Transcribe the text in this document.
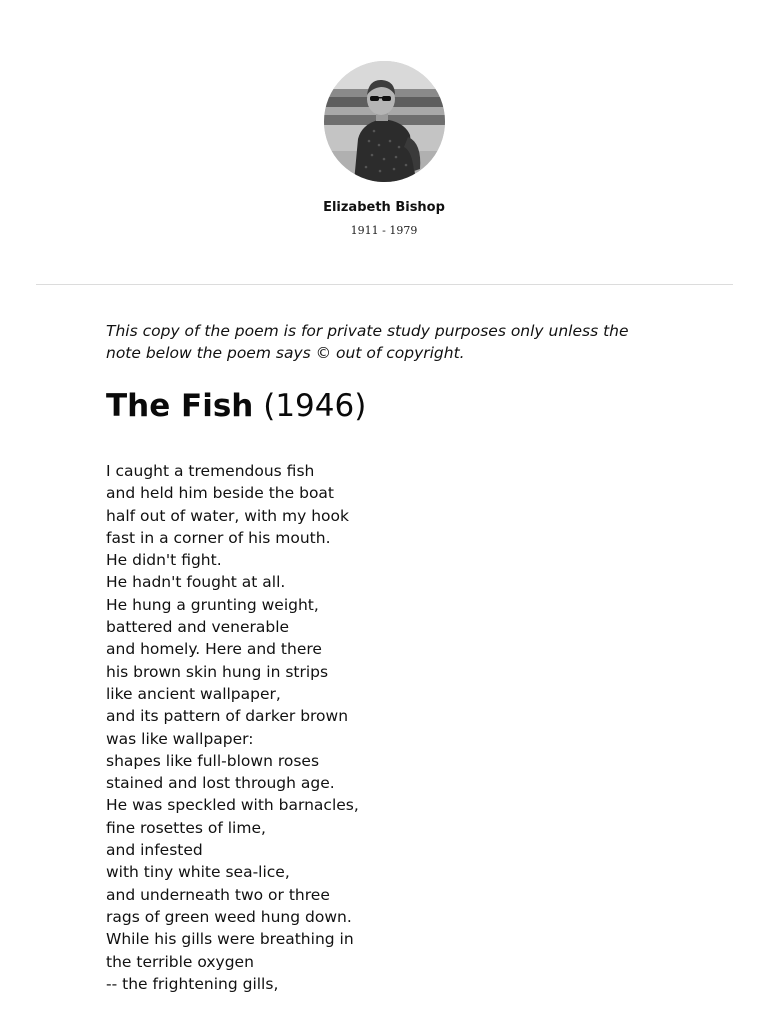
Elizabeth Bishop
1911 - 1979

This copy of the poem is for private study purposes only unless the note below the poem says © out of copyright.

The Fish (1946)
I caught a tremendous fish
and held him beside the boat
half out of water, with my hook
fast in a corner of his mouth.
He didn't fight.
He hadn't fought at all.
He hung a grunting weight,
battered and venerable
and homely. Here and there
his brown skin hung in strips
like ancient wallpaper,
and its pattern of darker brown
was like wallpaper:
shapes like full-blown roses
stained and lost through age.
He was speckled with barnacles,
fine rosettes of lime,
and infested
with tiny white sea-lice,
and underneath two or three
rags of green weed hung down.
While his gills were breathing in
the terrible oxygen
-- the frightening gills,
